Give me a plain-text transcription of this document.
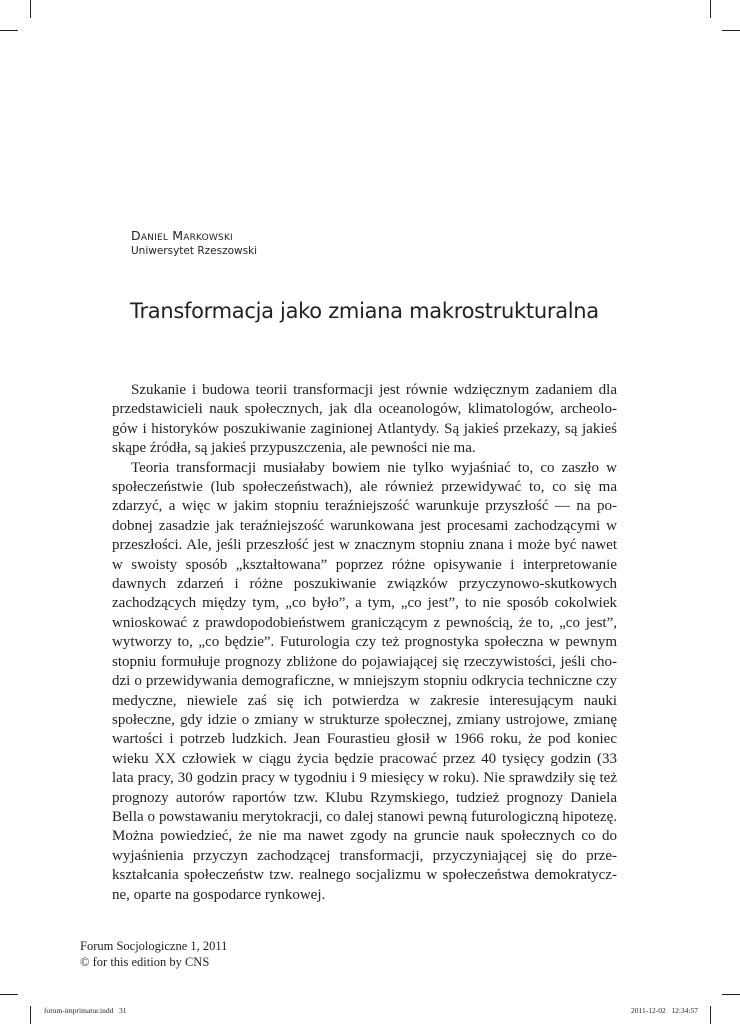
Daniel Markowski
Uniwersytet Rzeszowski
Transformacja jako zmiana makrostrukturalna

Szukanie i budowa teorii transformacji jest równie wdzięcznym zadaniem dla przedstawicieli nauk społecznych, jak dla oceanologów, klimatologów, archeologów i historyków poszukiwanie zaginionej Atlantydy. Są jakieś przekazy, są jakieś skąpe źródła, są jakieś przypuszczenia, ale pewności nie ma.

Teoria transformacji musiałaby bowiem nie tylko wyjaśniać to, co zaszło w społeczeństwie (lub społeczeństwach), ale również przewidywać to, co się ma zdarzyć, a więc w jakim stopniu teraźniejszość warunkuje przyszłość — na podobnej zasadzie jak teraźniejszość warunkowana jest procesami zachodzącymi w przeszłości. Ale, jeśli przeszłość jest w znacznym stopniu znana i może być nawet w swoisty sposób „kształtowana” poprzez różne opisywanie i interpretowanie dawnych zdarzeń i różne poszukiwanie związków przyczynowo-skutkowych zachodzących między tym, „co było”, a tym, „co jest”, to nie sposób cokolwiek wnioskować z prawdopodobieństwem graniczącym z pewnością, że to, „co jest”, wytworzy to, „co będzie”. Futurologia czy też prognostyka społeczna w pewnym stopniu formułuje prognozy zbliżone do pojawiającej się rzeczywistości, jeśli chodzi o przewidywania demograficzne, w mniejszym stopniu odkrycia techniczne czy medyczne, niewiele zaś się ich potwierdza w zakresie interesującym nauki społeczne, gdy idzie o zmiany w strukturze społecznej, zmiany ustrojowe, zmianę wartości i potrzeb ludzkich. Jean Fourastieu głosił w 1966 roku, że pod koniec wieku XX człowiek w ciągu życia będzie pracować przez 40 tysięcy godzin (33 lata pracy, 30 godzin pracy w tygodniu i 9 miesięcy w roku). Nie sprawdziły się też prognozy autorów raportów tzw. Klubu Rzymskiego, tudzież prognozy Daniela Bella o powstawaniu merytokracji, co dalej stanowi pewną futurologiczną hipotezę. Można powiedzieć, że nie ma nawet zgody na gruncie nauk społecznych co do wyjaśnienia przyczyn zachodzącej transformacji, przyczyniającej się do przekształcania społeczeństw tzw. realnego socjalizmu w społeczeństwa demokratyczne, oparte na gospodarce rynkowej.

Forum Socjologiczne 1, 2011
© for this edition by CNS
forum-imprimatur.indd   31	2011-12-02   12:34:57
